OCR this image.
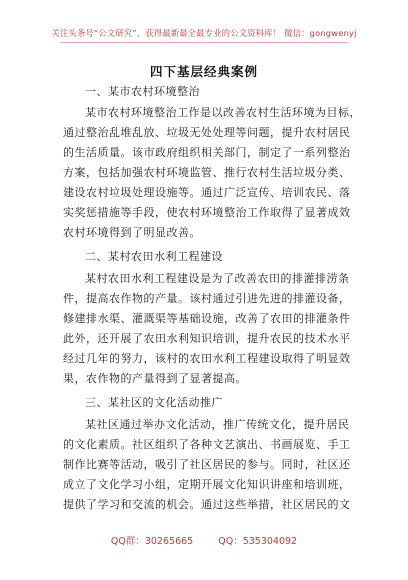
关注头条号“公文研究”，获得最新最全最专业的公文资料库！ 微信：gongwenyj
四下基层经典案例
一、某市农村环境整治
某市农村环境整治工作是以改善农村生活环境为目标，
通过整治乱堆乱放、垃圾无处处理等问题，提升农村居民
的生活质量。该市政府组织相关部门，制定了一系列整治
方案，包括加强农村环境监管、推行农村生活垃圾分类、
建设农村垃圾处理设施等。通过广泛宣传、培训农民、落
实奖惩措施等手段，使农村环境整治工作取得了显著成效
农村环境得到了明显改善。
二、某村农田水利工程建设
某村农田水利工程建设是为了改善农田的排灌排涝条
件，提高农作物的产量。该村通过引进先进的排灌设备，
修建排水渠、灌溉渠等基础设施，改善了农田的排灌条件
此外，还开展了农田水利知识培训，提升农民的技术水平
经过几年的努力，该村的农田水利工程建设取得了明显效
果，农作物的产量得到了显著提高。
三、某社区的文化活动推广
某社区通过举办文化活动，推广传统文化，提升居民
的文化素质。社区组织了各种文艺演出、书画展览、手工
制作比赛等活动，吸引了社区居民的参与。同时，社区还
成立了文化学习小组，定期开展文化知识讲座和培训班，
提供了学习和交流的机会。通过这些举措，社区居民的文
QQ群：30265665	QQ：535304092
